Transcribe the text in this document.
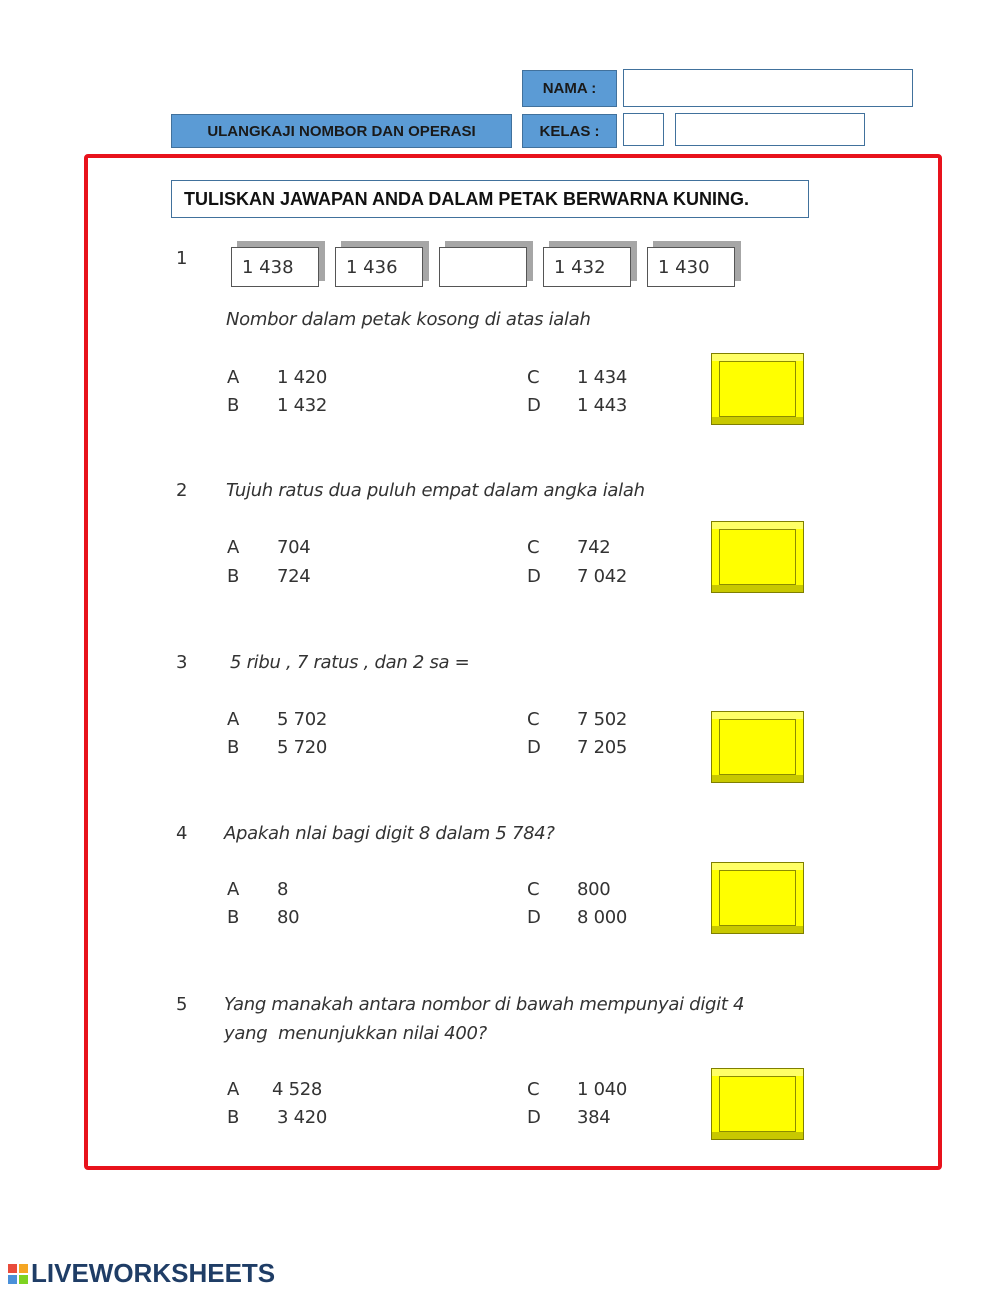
NAMA :
ULANGKAJI NOMBOR DAN OPERASI	KELAS :
TULISKAN JAWAPAN ANDA DALAM PETAK BERWARNA KUNING.
1	1 438	1 436	1 432	1 430
Nombor dalam petak kosong di atas ialah
A 1 420
B 1 432
C 1 434
D 1 443
2 Tujuh ratus dua puluh empat dalam angka ialah
A 704
B 724
C 742
D 7 042
3 5 ribu , 7 ratus , dan 2 sa =
A 5 702
B 5 720
C 7 502
D 7 205
4 Apakah nlai bagi digit 8 dalam 5 784?
A 8
B 80
C 800
D 8 000
5 Yang manakah antara nombor di bawah mempunyai digit 4
yang  menunjukkan nilai 400?
A 4 528
B 3 420
C 1 040
D 384
LIVEWORKSHEETS
